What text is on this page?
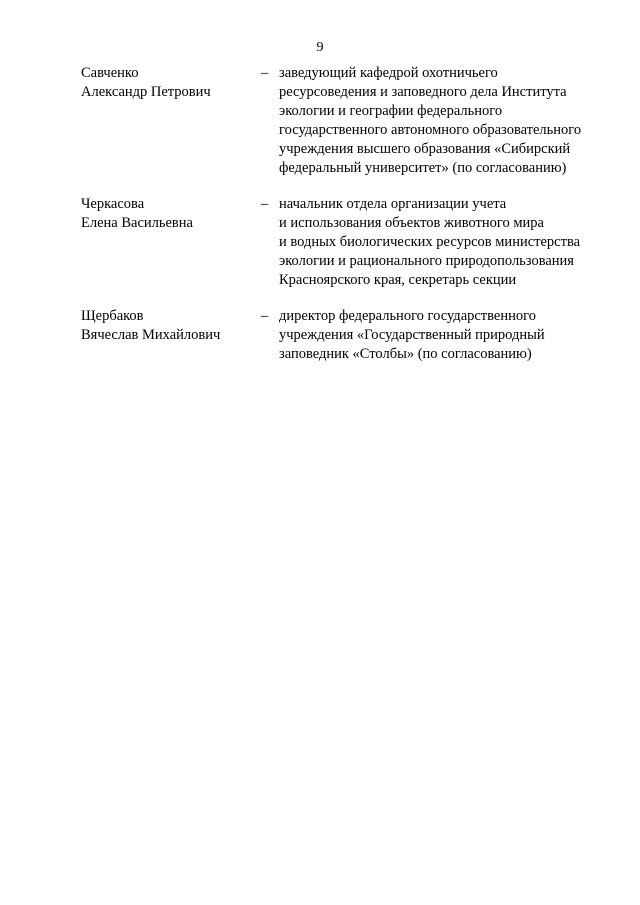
9
Савченко
Александр Петрович
– заведующий кафедрой охотничьего
ресурсоведения и заповедного дела Института
экологии и географии федерального
государственного автономного образовательного
учреждения высшего образования «Сибирский
федеральный университет» (по согласованию)
Черкасова
Елена Васильевна
– начальник отдела организации учета
и использования объектов животного мира
и водных биологических ресурсов министерства
экологии и рационального природопользования
Красноярского края, секретарь секции
Щербаков
Вячеслав Михайлович
– директор федерального государственного
учреждения «Государственный природный
заповедник «Столбы» (по согласованию)
